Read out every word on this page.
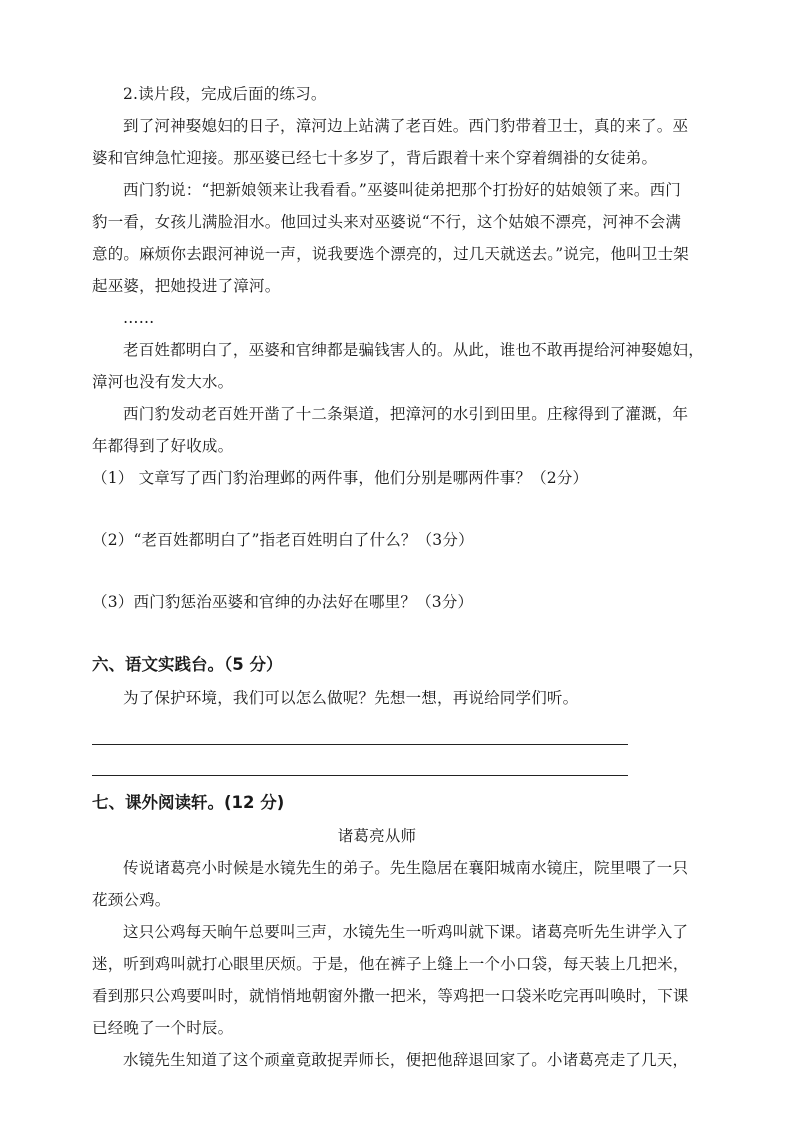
2.读片段，完成后面的练习。
到了河神娶媳妇的日子，漳河边上站满了老百姓。西门豹带着卫士，真的来了。巫
婆和官绅急忙迎接。那巫婆已经七十多岁了，背后跟着十来个穿着绸褂的女徒弟。
西门豹说：“把新娘领来让我看看。”巫婆叫徒弟把那个打扮好的姑娘领了来。西门
豹一看，女孩儿满脸泪水。他回过头来对巫婆说“不行，这个姑娘不漂亮，河神不会满
意的。麻烦你去跟河神说一声，说我要选个漂亮的，过几天就送去。”说完，他叫卫士架
起巫婆，把她投进了漳河。
……
老百姓都明白了，巫婆和官绅都是骗钱害人的。从此，谁也不敢再提给河神娶媳妇，
漳河也没有发大水。
西门豹发动老百姓开凿了十二条渠道，把漳河的水引到田里。庄稼得到了灌溉，年
年都得到了好收成。
（1） 文章写了西门豹治理邺的两件事，他们分别是哪两件事？（2分）
（2）“老百姓都明白了”指老百姓明白了什么？（3分）
（3）西门豹惩治巫婆和官绅的办法好在哪里？（3分）
六、语文实践台。（5 分）
为了保护环境，我们可以怎么做呢？先想一想，再说给同学们听。
七、课外阅读轩。(12 分)
诸葛亮从师
传说诸葛亮小时候是水镜先生的弟子。先生隐居在襄阳城南水镜庄，院里喂了一只
花颈公鸡。
这只公鸡每天晌午总要叫三声，水镜先生一听鸡叫就下课。诸葛亮听先生讲学入了
迷，听到鸡叫就打心眼里厌烦。于是，他在裤子上缝上一个小口袋，每天装上几把米，
看到那只公鸡要叫时，就悄悄地朝窗外撒一把米，等鸡把一口袋米吃完再叫唤时，下课
已经晚了一个时辰。
水镜先生知道了这个顽童竟敢捉弄师长，便把他辞退回家了。小诸葛亮走了几天，
